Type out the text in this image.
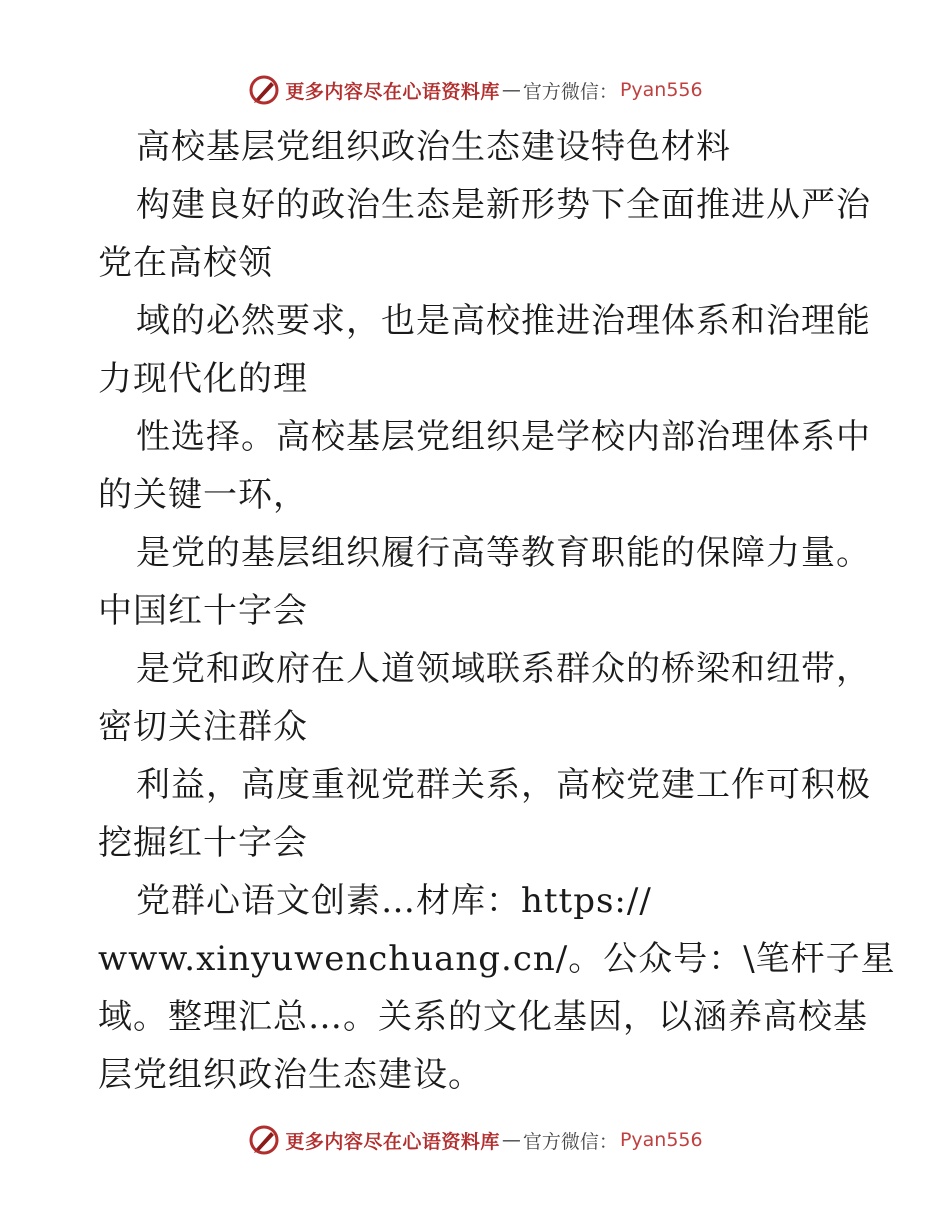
更多内容尽在心语资料库 — 官方微信： Pyan556
高校基层党组织政治生态建设特色材料
构建良好的政治生态是新形势下全面推进从严治
党在高校领
域的必然要求，也是高校推进治理体系和治理能
力现代化的理
性选择。高校基层党组织是学校内部治理体系中
的关键一环，
是党的基层组织履行高等教育职能的保障力量。
中国红十字会
是党和政府在人道领域联系群众的桥梁和纽带，
密切关注群众
利益，高度重视党群关系，高校党建工作可积极
挖掘红十字会
党群心语文创素…材库：https://
www.xinyuwenchuang.cn/。公众号：\笔杆子星
域。整理汇总…。关系的文化基因，以涵养高校基
层党组织政治生态建设。
更多内容尽在心语资料库 — 官方微信： Pyan556
